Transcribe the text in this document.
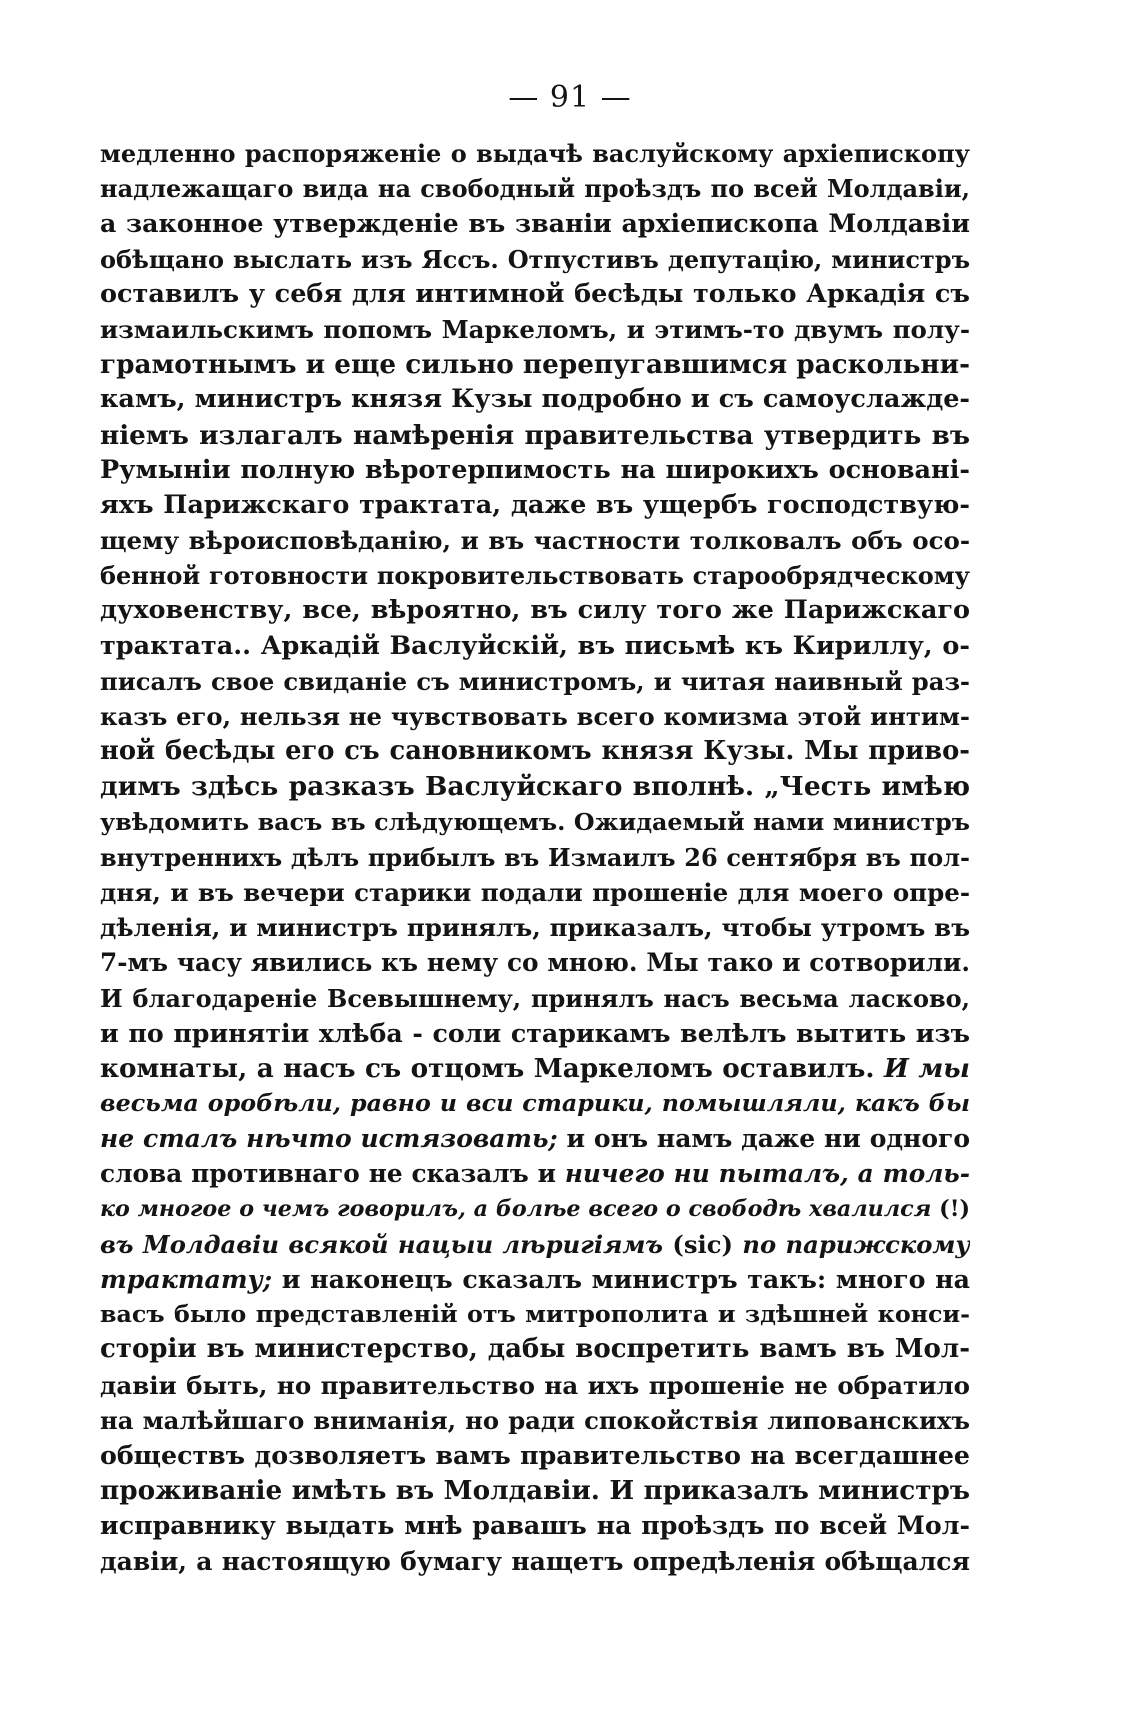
— 91 —
медленно распоряженіе о выдачѣ васлуйскому архіепископу
надлежащаго вида на свободный проѣздъ по всей Молдавіи,
а законное утвержденіе въ званіи архіепископа Молдавіи
обѣщано выслать изъ Яссъ. Отпустивъ депутацію, министръ
оставилъ у себя для интимной бесѣды только Аркадія съ
измаильскимъ попомъ Маркеломъ, и этимъ-то двумъ полу-
грамотнымъ и еще сильно перепугавшимся раскольни-
камъ, министръ князя Кузы подробно и съ самоуслажде-
ніемъ излагалъ намѣренія правительства утвердить въ
Румыніи полную вѣротерпимость на широкихъ основані-
яхъ Парижскаго трактата, даже въ ущербъ господствую-
щему вѣроисповѣданію, и въ частности толковалъ объ осо-
бенной готовности покровительствовать старообрядческому
духовенству, все, вѣроятно, въ силу того же Парижскаго
трактата.. Аркадій Васлуйскій, въ письмѣ къ Кириллу, о-
писалъ свое свиданіе съ министромъ, и читая наивный раз-
казъ его, нельзя не чувствовать всего комизма этой интим-
ной бесѣды его съ сановникомъ князя Кузы. Мы приво-
димъ здѣсь разказъ Васлуйскаго вполнѣ. „Честь имѣю
увѣдомить васъ въ слѣдующемъ. Ожидаемый нами министръ
внутреннихъ дѣлъ прибылъ въ Измаилъ 26 сентября въ пол-
дня, и въ вечери старики подали прошеніе для моего опре-
дѣленія, и министръ принялъ, приказалъ, чтобы утромъ въ
7-мъ часу явились къ нему со мною. Мы тако и сотворили.
И благодареніе Всевышнему, принялъ насъ весьма ласково,
и по принятіи хлѣба - соли старикамъ велѣлъ вытить изъ
комнаты, а насъ съ отцомъ Маркеломъ оставилъ. И мы
весьма оробѣли, равно и вси старики, помышляли, какъ бы
не сталъ нѣчто истязовать; и онъ намъ даже ни одного
слова противнаго не сказалъ и ничего ни пыталъ, а толь-
ко многое о чемъ говорилъ, а болѣе всего о свободѣ хвалился (!)
въ Молдавіи всякой нацыи лѣригіямъ (sic) по парижскому
трактату; и наконецъ сказалъ министръ такъ: много на
васъ было представленій отъ митрополита и здѣшней конси-
сторіи въ министерство, дабы воспретить вамъ въ Мол-
давіи быть, но правительство на ихъ прошеніе не обратило
на малѣйшаго вниманія, но ради спокойствія липованскихъ
обществъ дозволяетъ вамъ правительство на всегдашнее
проживаніе имѣть въ Молдавіи. И приказалъ министръ
исправнику выдать мнѣ равашъ на проѣздъ по всей Мол-
давіи, а настоящую бумагу нащетъ опредѣленія обѣщался
